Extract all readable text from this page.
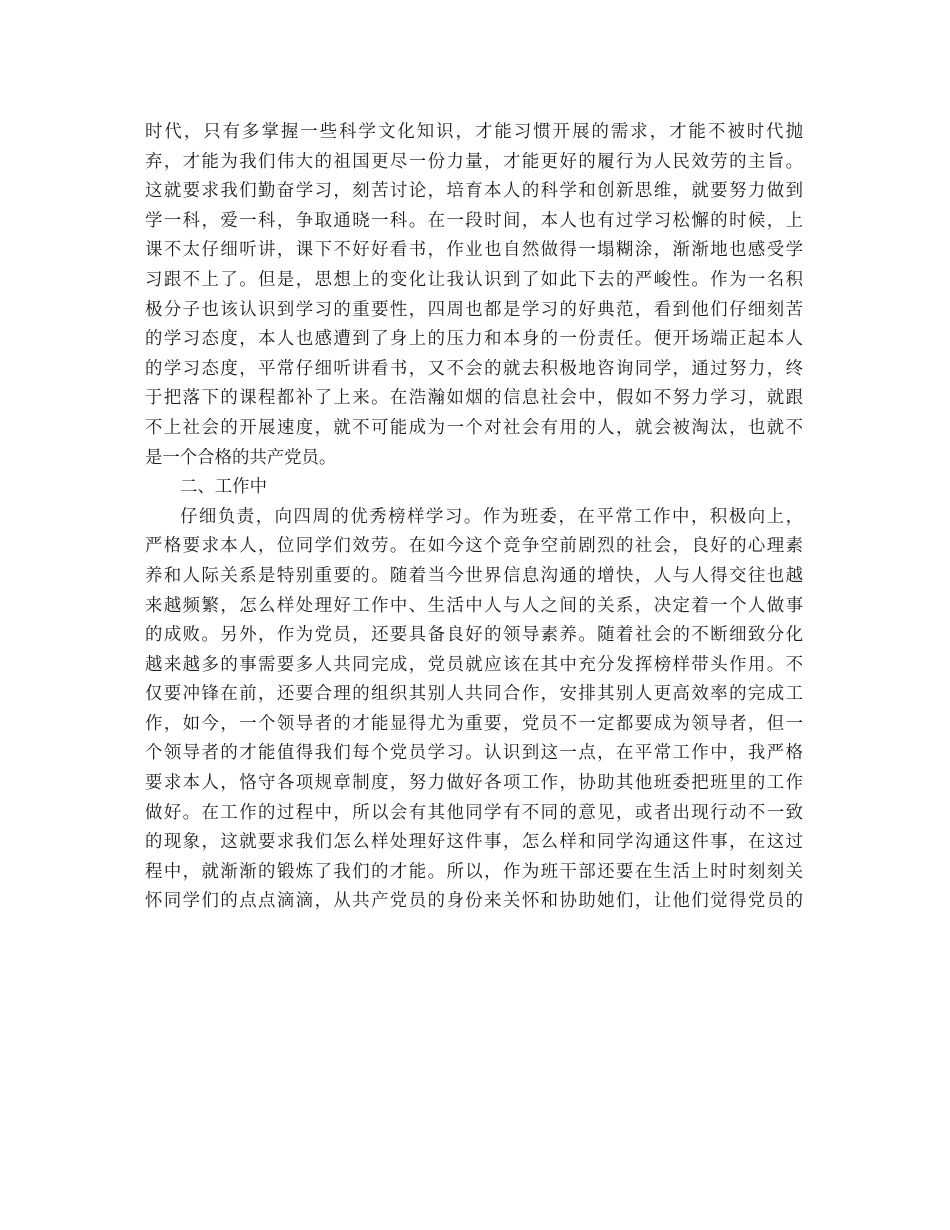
时代，只有多掌握一些科学文化知识，才能习惯开展的需求，才能不被时代抛
弃，才能为我们伟大的祖国更尽一份力量，才能更好的履行为人民效劳的主旨。
这就要求我们勤奋学习，刻苦讨论，培育本人的科学和创新思维，就要努力做到
学一科，爱一科，争取通晓一科。在一段时间，本人也有过学习松懈的时候，上
课不太仔细听讲，课下不好好看书，作业也自然做得一塌糊涂，渐渐地也感受学
习跟不上了。但是，思想上的变化让我认识到了如此下去的严峻性。作为一名积
极分子也该认识到学习的重要性，四周也都是学习的好典范，看到他们仔细刻苦
的学习态度，本人也感遭到了身上的压力和本身的一份责任。便开场端正起本人
的学习态度，平常仔细听讲看书，又不会的就去积极地咨询同学，通过努力，终
于把落下的课程都补了上来。在浩瀚如烟的信息社会中，假如不努力学习，就跟
不上社会的开展速度，就不可能成为一个对社会有用的人，就会被淘汰，也就不
是一个合格的共产党员。
二、工作中
仔细负责，向四周的优秀榜样学习。作为班委，在平常工作中，积极向上，
严格要求本人，位同学们效劳。在如今这个竞争空前剧烈的社会，良好的心理素
养和人际关系是特别重要的。随着当今世界信息沟通的增快，人与人得交往也越
来越频繁，怎么样处理好工作中、生活中人与人之间的关系，决定着一个人做事
的成败。另外，作为党员，还要具备良好的领导素养。随着社会的不断细致分化
越来越多的事需要多人共同完成，党员就应该在其中充分发挥榜样带头作用。不
仅要冲锋在前，还要合理的组织其别人共同合作，安排其别人更高效率的完成工
作，如今，一个领导者的才能显得尤为重要，党员不一定都要成为领导者，但一
个领导者的才能值得我们每个党员学习。认识到这一点，在平常工作中，我严格
要求本人，恪守各项规章制度，努力做好各项工作，协助其他班委把班里的工作
做好。在工作的过程中，所以会有其他同学有不同的意见，或者出现行动不一致
的现象，这就要求我们怎么样处理好这件事，怎么样和同学沟通这件事，在这过
程中，就渐渐的锻炼了我们的才能。所以，作为班干部还要在生活上时时刻刻关
怀同学们的点点滴滴，从共产党员的身份来关怀和协助她们，让他们觉得党员的
